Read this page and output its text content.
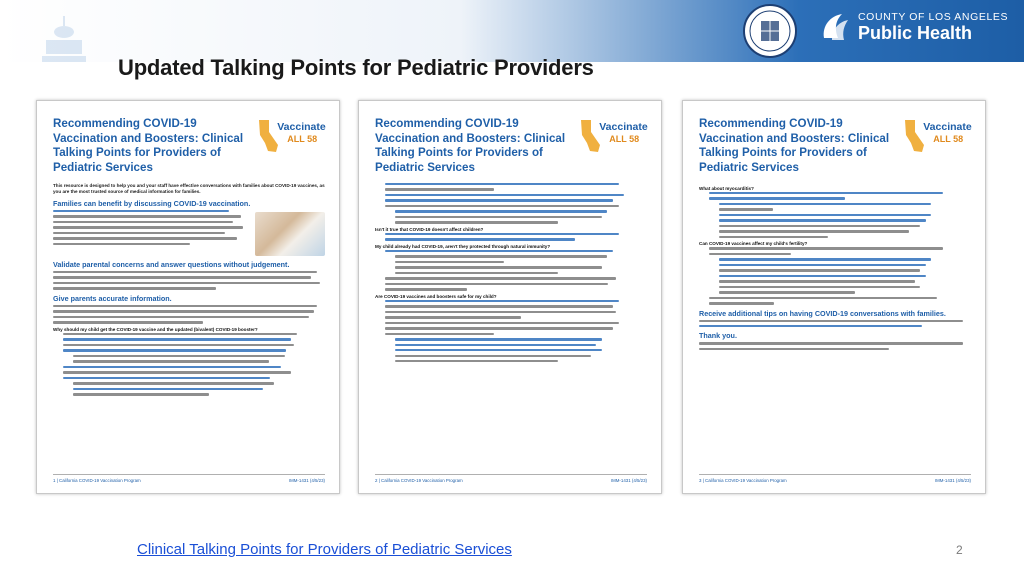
Updated Talking Points for Pediatric Providers
COUNTY OF LOS ANGELES
Public Health
Recommending COVID-19 Vaccination and Boosters: Clinical Talking Points for Providers of Pediatric Services
Vaccinate
ALL 58
This resource is designed to help you and your staff have effective conversations with families about COVID-19 vaccines, as you are the most trusted source of medical information for families.
Families can benefit by discussing COVID-19 vaccination.
Validate parental concerns and answer questions without judgement.
Give parents accurate information.
Why should my child get the COVID-19 vaccine and the updated (bivalent) COVID-19 booster?
1 | California COVID-19 Vaccination Program	IMM-1431 (4/5/23)
Recommending COVID-19 Vaccination and Boosters: Clinical Talking Points for Providers of Pediatric Services
Vaccinate
ALL 58
Isn't it true that COVID-19 doesn't affect children?
My child already had COVID-19, aren't they protected through natural immunity?
Are COVID-19 vaccines and boosters safe for my child?
2 | California COVID-19 Vaccination Program	IMM-1431 (4/5/23)
Recommending COVID-19 Vaccination and Boosters: Clinical Talking Points for Providers of Pediatric Services
Vaccinate
ALL 58
What about myocarditis?
Can COVID-19 vaccines affect my child's fertility?
Receive additional tips on having COVID-19 conversations with families.
Thank you.
3 | California COVID-19 Vaccination Program	IMM-1431 (4/5/23)
Clinical Talking Points for Providers of Pediatric Services	2
